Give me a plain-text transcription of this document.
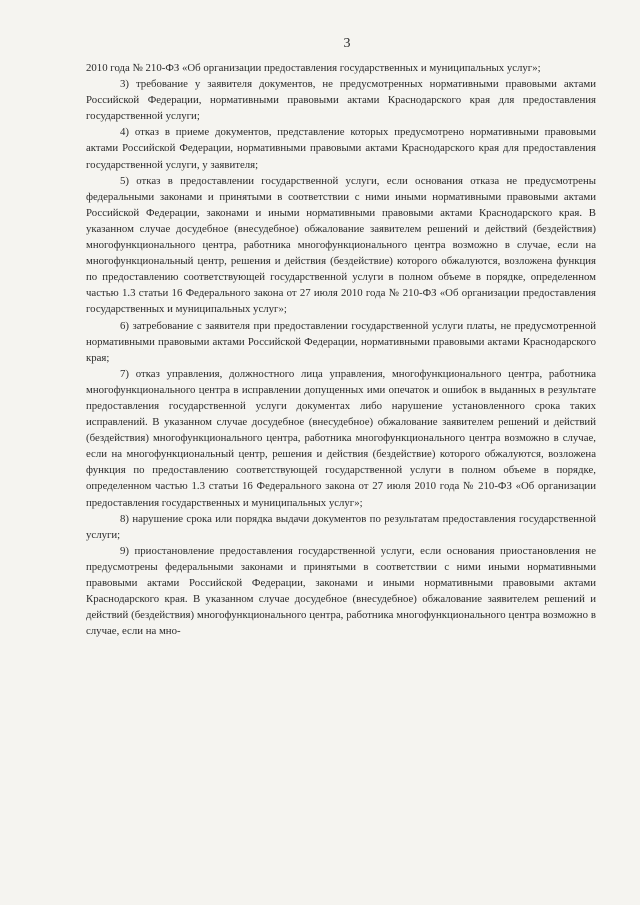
3

2010 года № 210-ФЗ «Об организации предоставления государственных и муниципальных услуг»;

3) требование у заявителя документов, не предусмотренных нормативными правовыми актами Российской Федерации, нормативными правовыми актами Краснодарского края для предоставления государственной услуги;

4) отказ в приеме документов, представление которых предусмотрено нормативными правовыми актами Российской Федерации, нормативными правовыми актами Краснодарского края для предоставления государственной услуги, у заявителя;

5) отказ в предоставлении государственной услуги, если основания отказа не предусмотрены федеральными законами и принятыми в соответствии с ними иными нормативными правовыми актами Российской Федерации, законами и иными нормативными правовыми актами Краснодарского края. В указанном случае досудебное (внесудебное) обжалование заявителем решений и действий (бездействия) многофункционального центра, работника многофункционального центра возможно в случае, если на многофункциональный центр, решения и действия (бездействие) которого обжалуются, возложена функция по предоставлению соответствующей государственной услуги в полном объеме в порядке, определенном частью 1.3 статьи 16 Федерального закона от 27 июля 2010 года № 210-ФЗ «Об организации предоставления государственных и муниципальных услуг»;

6) затребование с заявителя при предоставлении государственной услуги платы, не предусмотренной нормативными правовыми актами Российской Федерации, нормативными правовыми актами Краснодарского края;

7) отказ управления, должностного лица управления, многофункционального центра, работника многофункционального центра в исправлении допущенных ими опечаток и ошибок в выданных в результате предоставления государственной услуги документах либо нарушение установленного срока таких исправлений. В указанном случае досудебное (внесудебное) обжалование заявителем решений и действий (бездействия) многофункционального центра, работника многофункционального центра возможно в случае, если на многофункциональный центр, решения и действия (бездействие) которого обжалуются, возложена функция по предоставлению соответствующей государственной услуги в полном объеме в порядке, определенном частью 1.3 статьи 16 Федерального закона от 27 июля 2010 года № 210-ФЗ «Об организации предоставления государственных и муниципальных услуг»;

8) нарушение срока или порядка выдачи документов по результатам предоставления государственной услуги;

9) приостановление предоставления государственной услуги, если основания приостановления не предусмотрены федеральными законами и принятыми в соответствии с ними иными нормативными правовыми актами Российской Федерации, законами и иными нормативными правовыми актами Краснодарского края. В указанном случае досудебное (внесудебное) обжалование заявителем решений и действий (бездействия) многофункционального центра, работника многофункционального центра возможно в случае, если на мно-
